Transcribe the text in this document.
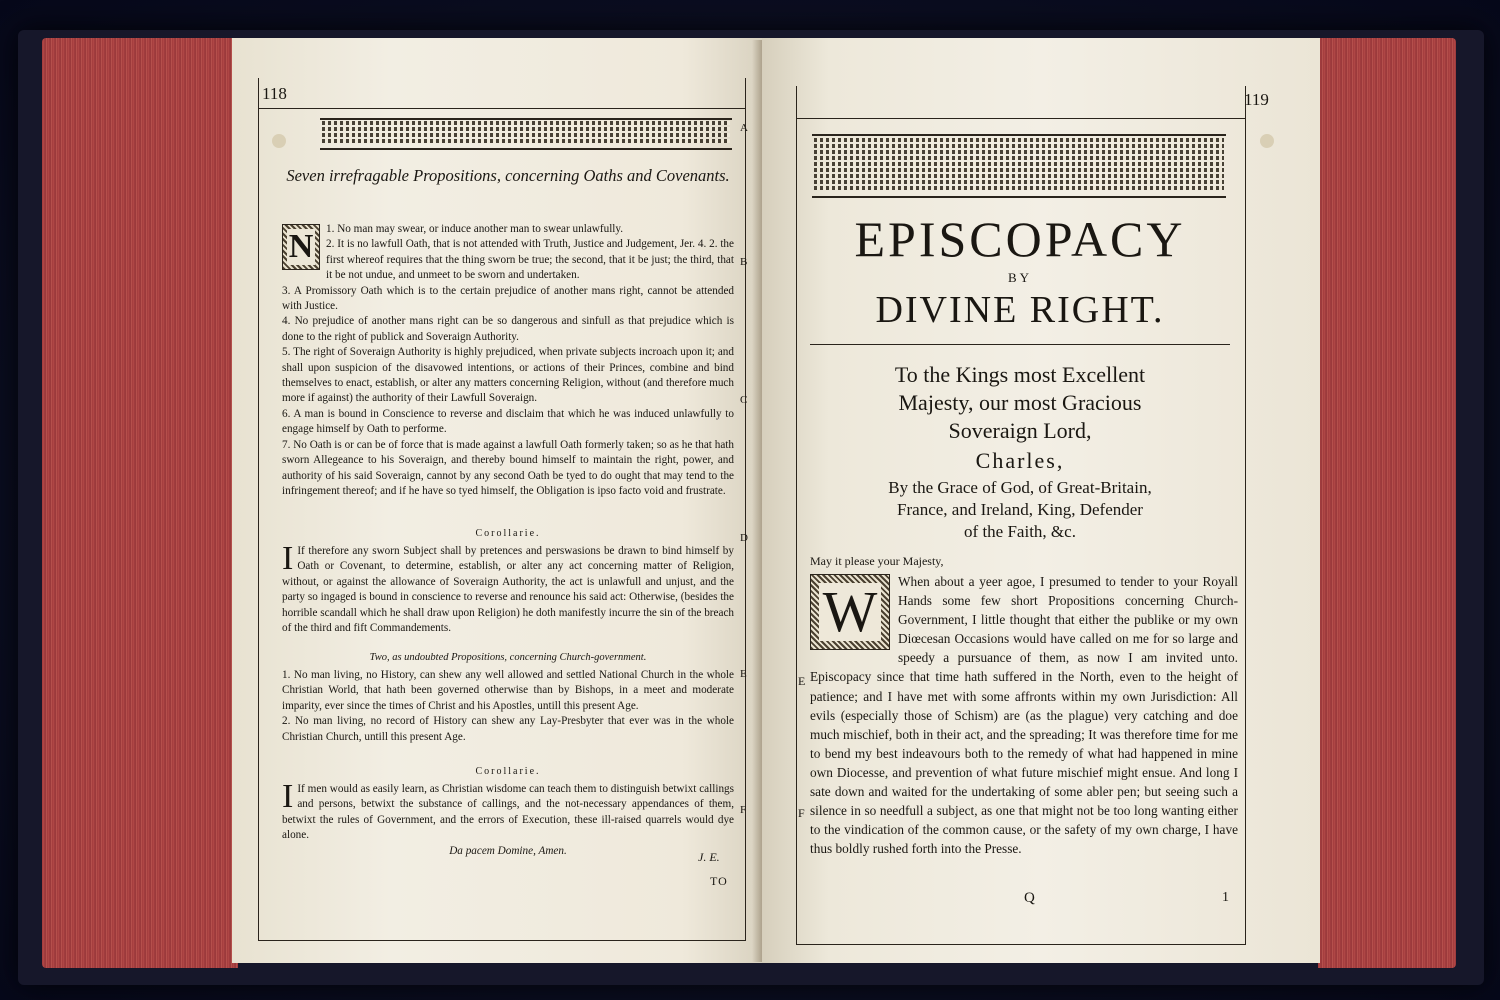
118
Seven irrefragable Propositions, concerning Oaths and Covenants.
A
B
C
D
E
F
N	1. No man may swear, or induce another man to swear unlawfully.

2. It is no lawfull Oath, that is not attended with Truth, Justice and Judgement, Jer. 4. 2. the first whereof requires that the thing sworn be true; the second, that it be just; the third, that it be not undue, and unmeet to be sworn and undertaken.

3. A Promissory Oath which is to the certain prejudice of another mans right, cannot be attended with Justice.

4. No prejudice of another mans right can be so dangerous and sinfull as that prejudice which is done to the right of publick and Soveraign Authority.

5. The right of Soveraign Authority is highly prejudiced, when private subjects incroach upon it; and shall upon suspicion of the disavowed intentions, or actions of their Princes, combine and bind themselves to enact, establish, or alter any matters concerning Religion, without (and therefore much more if against) the authority of their Lawfull Soveraign.

6. A man is bound in Conscience to reverse and disclaim that which he was induced unlawfully to engage himself by Oath to performe.

7. No Oath is or can be of force that is made against a lawfull Oath formerly taken; so as he that hath sworn Allegeance to his Soveraign, and thereby bound himself to maintain the right, power, and authority of his said Soveraign, cannot by any second Oath be tyed to do ought that may tend to the infringement thereof; and if he have so tyed himself, the Obligation is ipso facto void and frustrate.

Corollarie.
I If therefore any sworn Subject shall by pretences and perswasions be drawn to bind himself by Oath or Covenant, to determine, establish, or alter any act concerning matter of Religion, without, or against the allowance of Soveraign Authority, the act is unlawfull and unjust, and the party so ingaged is bound in conscience to reverse and renounce his said act: Otherwise, (besides the horrible scandall which he shall draw upon Religion) he doth manifestly incurre the sin of the breach of the third and fift Commandements.

Two, as undoubted Propositions, concerning Church-government.

1. No man living, no History, can shew any well allowed and settled National Church in the whole Christian World, that hath been governed otherwise than by Bishops, in a meet and moderate imparity, ever since the times of Christ and his Apostles, untill this present Age.

2. No man living, no record of History can shew any Lay-Presbyter that ever was in the whole Christian Church, untill this present Age.

Corollarie.
I If men would as easily learn, as Christian wisdome can teach them to distinguish betwixt callings and persons, betwixt the substance of callings, and the not-necessary appendances of them, betwixt the rules of Government, and the errors of Execution, these ill-raised quarrels would dye alone.

Da pacem Domine, Amen.	J. E.
TO
119
EPISCOPACY
BY
DIVINE RIGHT.
To the Kings most Excellent
Majesty, our most Gracious
Soveraign Lord,
Charles,
By the Grace of God, of Great-Britain,
France, and Ireland, King, Defender
of the Faith, &c.
May it please your Majesty,
E
F
W	When about a yeer agoe, I presumed to tender to your Royall Hands some few short Propositions concerning Church-Government, I little thought that either the publike or my own Diœcesan Occasions would have called on me for so large and speedy a pursuance of them, as now I am invited unto. Episcopacy since that time hath suffered in the North, even to the height of patience; and I have met with some affronts within my own Jurisdiction: All evils (especially those of Schism) are (as the plague) very catching and doe much mischief, both in their act, and the spreading; It was therefore time for me to bend my best indeavours both to the remedy of what had happened in mine own Diocesse, and prevention of what future mischief might ensue. And long I sate down and waited for the undertaking of some abler pen; but seeing such a silence in so needfull a subject, as one that might not be too long wanting either to the vindication of the common cause, or the safety of my own charge, I have thus boldly rushed forth into the Presse.

Q	1
